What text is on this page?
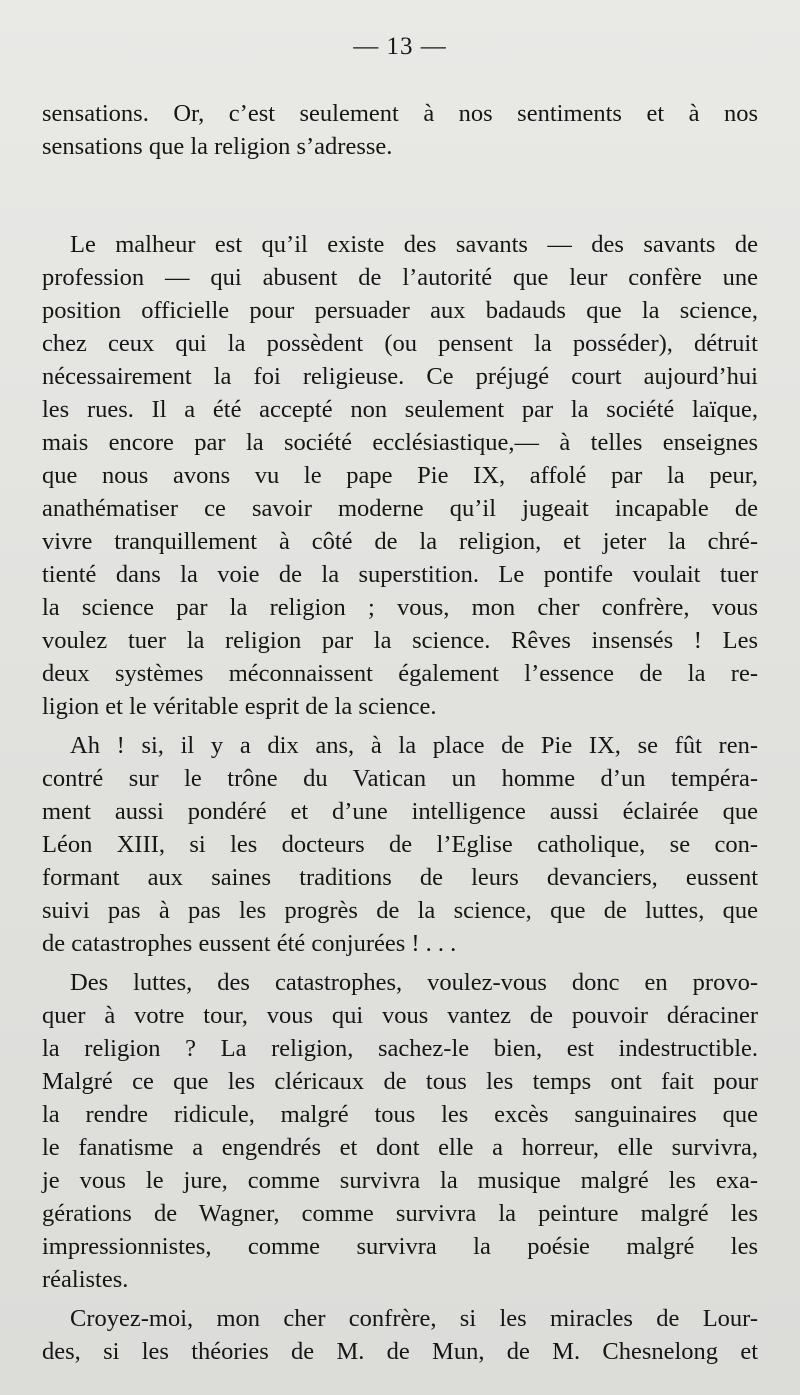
— 13 —
sensations. Or, c’est seulement à nos sentiments et à nos
sensations que la religion s’adresse.
Le malheur est qu’il existe des savants — des savants de
profession — qui abusent de l’autorité que leur confère une
position officielle pour persuader aux badauds que la science,
chez ceux qui la possèdent (ou pensent la posséder), détruit
nécessairement la foi religieuse. Ce préjugé court aujourd’hui
les rues. Il a été accepté non seulement par la société laïque,
mais encore par la société ecclésiastique,— à telles enseignes
que nous avons vu le pape Pie IX, affolé par la peur,
anathématiser ce savoir moderne qu’il jugeait incapable de
vivre tranquillement à côté de la religion, et jeter la chré-
tienté dans la voie de la superstition. Le pontife voulait tuer
la science par la religion ; vous, mon cher confrère, vous
voulez tuer la religion par la science. Rêves insensés ! Les
deux systèmes méconnaissent également l’essence de la re-
ligion et le véritable esprit de la science.
Ah ! si, il y a dix ans, à la place de Pie IX, se fût ren-
contré sur le trône du Vatican un homme d’un tempéra-
ment aussi pondéré et d’une intelligence aussi éclairée que
Léon XIII, si les docteurs de l’Eglise catholique, se con-
formant aux saines traditions de leurs devanciers, eussent
suivi pas à pas les progrès de la science, que de luttes, que
de catastrophes eussent été conjurées ! . . .
Des luttes, des catastrophes, voulez-vous donc en provo-
quer à votre tour, vous qui vous vantez de pouvoir déraciner
la religion ? La religion, sachez-le bien, est indestructible.
Malgré ce que les cléricaux de tous les temps ont fait pour
la rendre ridicule, malgré tous les excès sanguinaires que
le fanatisme a engendrés et dont elle a horreur, elle survivra,
je vous le jure, comme survivra la musique malgré les exa-
gérations de Wagner, comme survivra la peinture malgré les
impressionnistes, comme survivra la poésie malgré les
réalistes.
Croyez-moi, mon cher confrère, si les miracles de Lour-
des, si les théories de M. de Mun, de M. Chesnelong et
